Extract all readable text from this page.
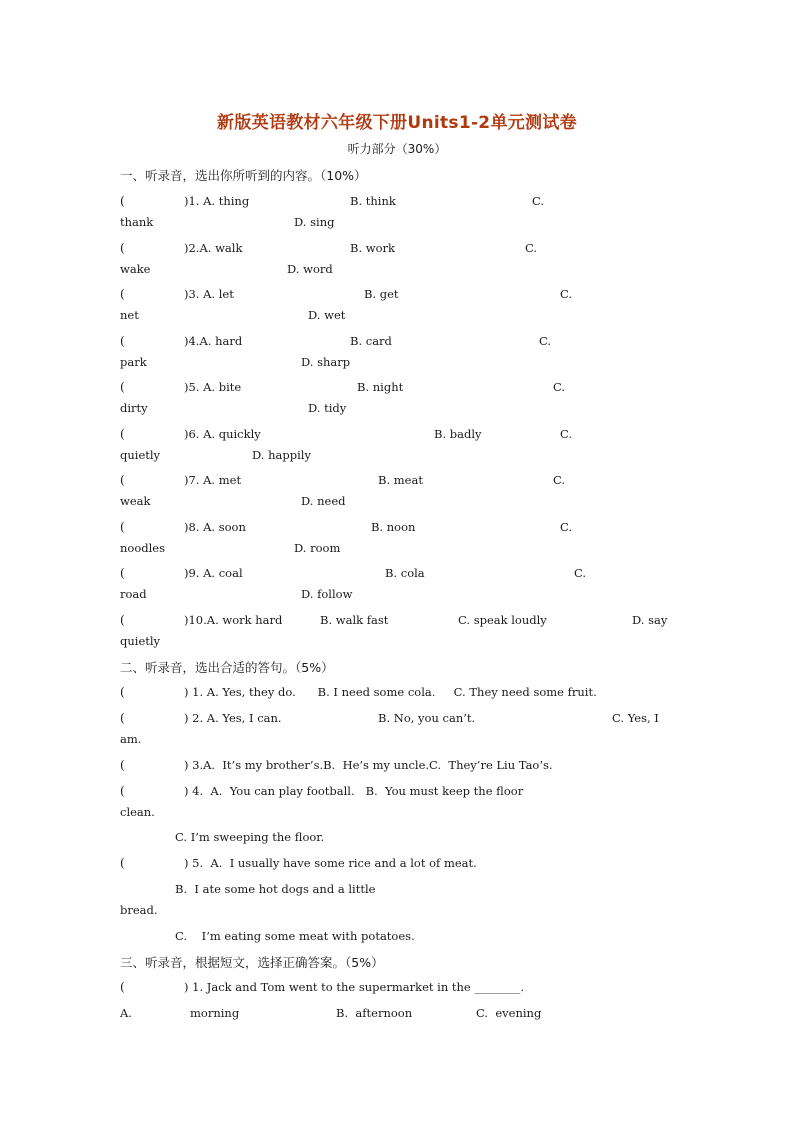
新版英语教材六年级下册Units1-2单元测试卷
听力部分（30%）
一、听录音，选出你所听到的内容。（10%）
(	)1. A. thing	B. think	C.
thank	D. sing
(	)2.A. walk	B. work	C.
wake	D. word
(	)3. A. let	B. get	C.
net	D. wet
(	)4.A. hard	B. card	C.
park	D. sharp
(	)5. A. bite	B. night	C.
dirty	D. tidy
(	)6. A. quickly	B. badly	C.
quietly	D. happily
(	)7. A. met	B. meat	C.
weak	D. need
(	)8. A. soon	B. noon	C.
noodles	D. room
(	)9. A. coal	B. cola	C.
road	D. follow
(	)10.A. work hard	B. walk fast	C. speak loudly
quietly
D. say
二、听录音，选出合适的答句。（5%）
(	) 1. A. Yes, they do.      B. I need some cola.     C. They need some fruit.
(	) 2. A. Yes, I can.	B. No, you can’t.	C. Yes, I
am.
(	) 3.A.  It’s my brother’s.B.  He’s my uncle.C.  They’re Liu Tao’s.
(	) 4.  A.  You can play football.   B.  You must keep the floor
clean.
C. I’m sweeping the floor.
(	) 5.  A.  I usually have some rice and a lot of meat.
B.  I ate some hot dogs and a little
bread.
C.    I’m eating some meat with potatoes.
三、听录音，根据短文，选择正确答案。（5%）
(	) 1. Jack and Tom went to the supermarket in the ________.
A.	morning	B.  afternoon	C.  evening
